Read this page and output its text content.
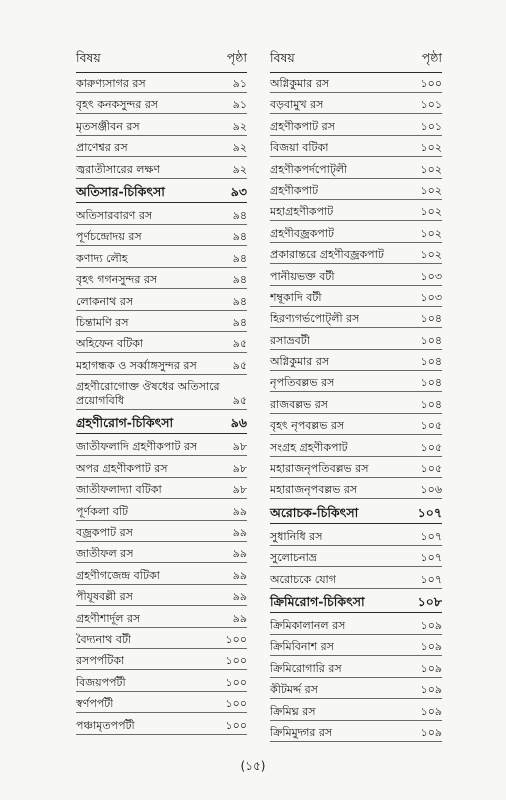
বিষয়	পৃষ্ঠা
কারুণ্যসাগর রস	৯১
বৃহৎ কনকসুন্দর রস	৯১
মৃতসঞ্জীবন রস	৯২
প্রাণেশ্বর রস	৯২
জ্বরাতীসারের লক্ষণ	৯২
অতিসার-চিকিৎসা	৯৩
অতিসারবারণ রস	৯৪
পূর্ণচন্দ্রোদয় রস	৯৪
কণাদ্য লৌহ	৯৪
বৃহৎ গগনসুন্দর রস	৯৪
লোকনাথ রস	৯৪
চিন্তামণি রস	৯৪
অহিফেন বটিকা	৯৫
মহাগন্ধক ও সর্ব্বাঙ্গসুন্দর রস	৯৫
গ্রহণীরোগোক্ত ঔষধের অতিসারে
প্রয়োগবিধি	৯৫
গ্রহণীরোগ-চিকিৎসা	৯৬
জাতীফলাদি গ্রহণীকপাট রস	৯৮
অপর গ্রহণীকপাট রস	৯৮
জাতীফলাদ্যা বটিকা	৯৮
পূর্ণকলা বটি	৯৯
বজ্রকপাট রস	৯৯
জাতীফল রস	৯৯
গ্রহণীগজেন্দ্র বটিকা	৯৯
পীযূষবল্লী রস	৯৯
গ্রহণীশার্দূল রস	৯৯
বৈদ্যনাথ বটী	১০০
রসপর্পটিকা	১০০
বিজয়পর্পটী	১০০
স্বর্ণপর্পটী	১০০
পঞ্চামৃতপর্পটী	১০০
বিষয়	পৃষ্ঠা
অগ্নিকুমার রস	১০০
বড়বামুখ রস	১০১
গ্রহণীকপাট রস	১০১
বিজয়া বটিকা	১০২
গ্রহণীকপর্দপোট্‌লী	১০২
গ্রহণীকপাট	১০২
মহাগ্রহণীকপাট	১০২
গ্রহণীবজ্রকপাট	১০২
প্রকারান্তরে গ্রহণীবজ্রকপাট	১০২
পানীয়ভক্ত বটী	১০৩
শম্বূকাদি বটী	১০৩
হিরণ্যগর্ভপোট্‌লী রস	১০৪
রসাভ্রবটী	১০৪
অগ্নিকুমার রস	১০৪
নৃপতিবল্লভ রস	১০৪
রাজবল্লভ রস	১০৪
বৃহৎ নৃপবল্লভ রস	১০৫
সংগ্রহ গ্রহণীকপাট	১০৫
মহারাজনৃপতিবল্লভ রস	১০৫
মহারাজনৃপবল্লভ রস	১০৬
অরোচক-চিকিৎসা	১০৭
সুধানিধি রস	১০৭
সুলোচনাভ্র	১০৭
অরোচকে যোগ	১০৭
ক্রিমিরোগ-চিকিৎসা	১০৮
ক্রিমিকালানল রস	১০৯
ক্রিমিবিনাশ রস	১০৯
ক্রিমিরোগারি রস	১০৯
কীটমর্দ্দ রস	১০৯
ক্রিমিঘ্ন রস	১০৯
ক্রিমিমুদ্গর রস	১০৯
(১৫)
